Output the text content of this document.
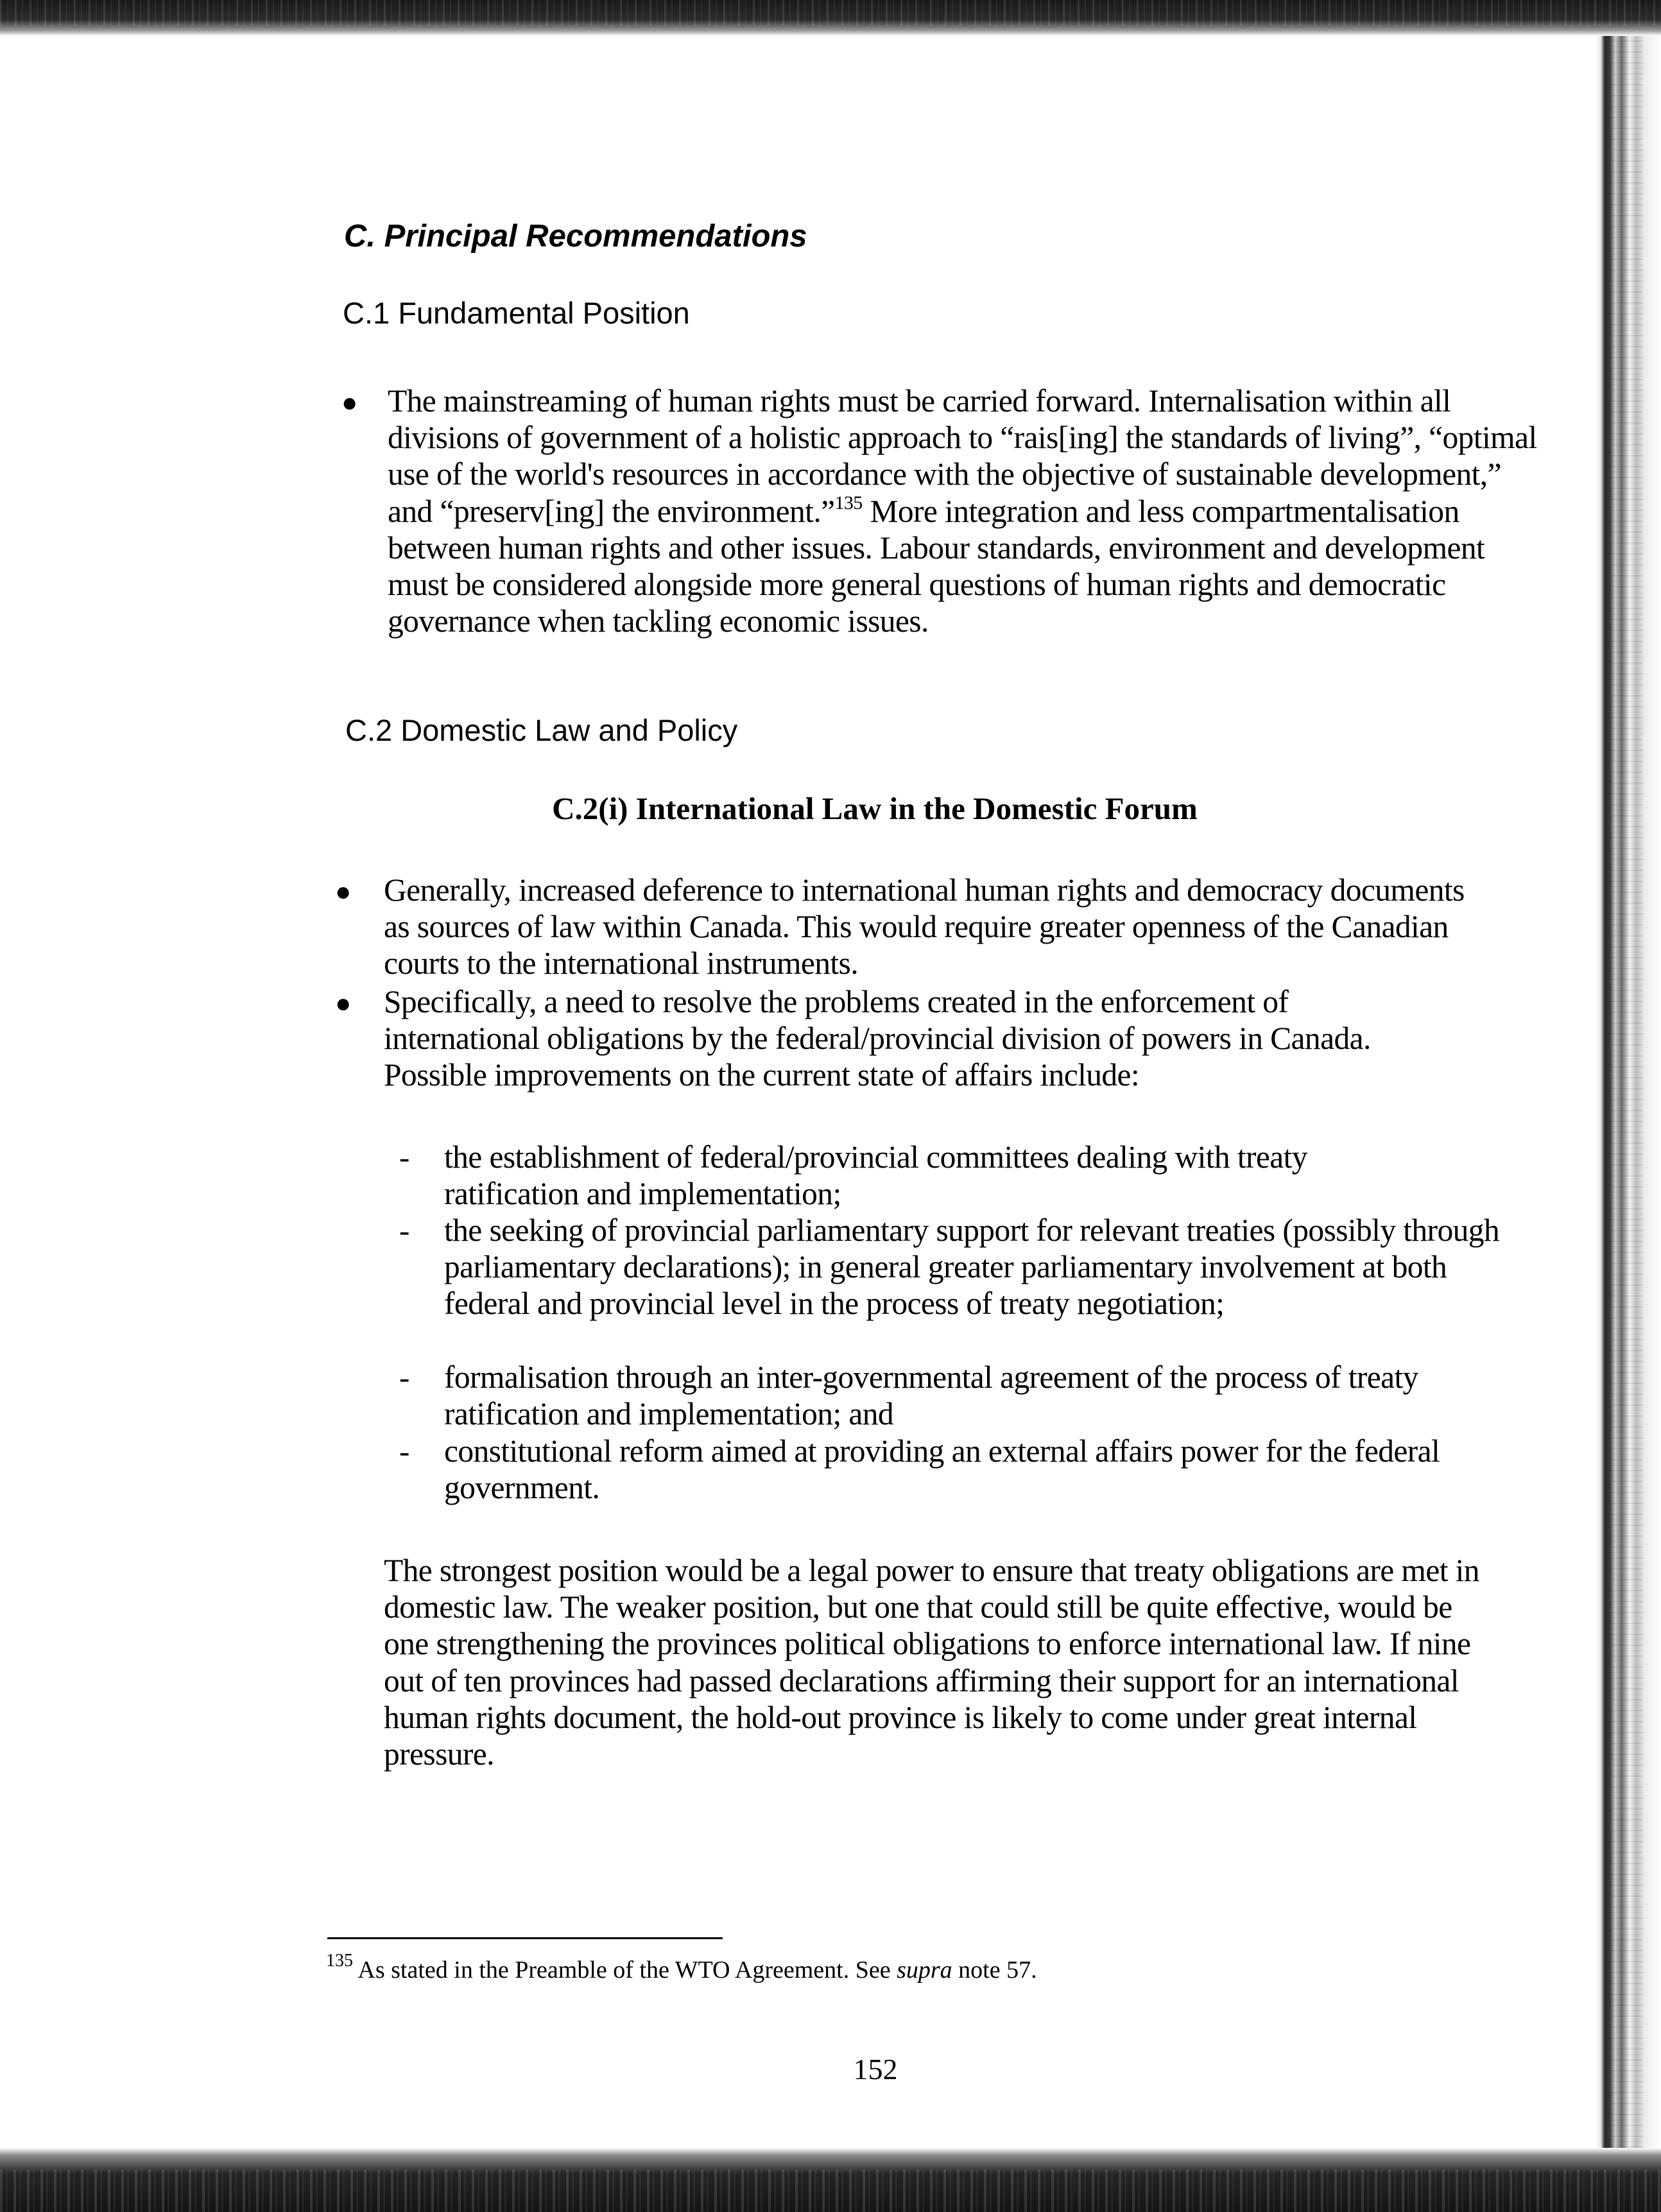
C. Principal Recommendations
C.1 Fundamental Position
● The mainstreaming of human rights must be carried forward. Internalisation within all divisions of government of a holistic approach to “rais[ing] the standards of living”, “optimal use of the world's resources in accordance with the objective of sustainable development,” and “preserv[ing] the environment.”$^{135}$ More integration and less compartmentalisation between human rights and other issues. Labour standards, environment and development must be considered alongside more general questions of human rights and democratic governance when tackling economic issues.

C.2 Domestic Law and Policy
C.2(i) International Law in the Domestic Forum
● Generally, increased deference to international human rights and democracy documents as sources of law within Canada. This would require greater openness of the Canadian courts to the international instruments.

● Specifically, a need to resolve the problems created in the enforcement of international obligations by the federal/provincial division of powers in Canada. Possible improvements on the current state of affairs include:

- the establishment of federal/provincial committees dealing with treaty ratification and implementation;

- the seeking of provincial parliamentary support for relevant treaties (possibly through parliamentary declarations); in general greater parliamentary involvement at both federal and provincial level in the process of treaty negotiation;

- formalisation through an inter-governmental agreement of the process of treaty ratification and implementation; and

- constitutional reform aimed at providing an external affairs power for the federal government.

The strongest position would be a legal power to ensure that treaty obligations are met in domestic law. The weaker position, but one that could still be quite effective, would be one strengthening the provinces political obligations to enforce international law. If nine out of ten provinces had passed declarations affirming their support for an international human rights document, the hold-out province is likely to come under great internal pressure.

$^{135}$ As stated in the Preamble of the WTO Agreement. See supra note 57.
152
